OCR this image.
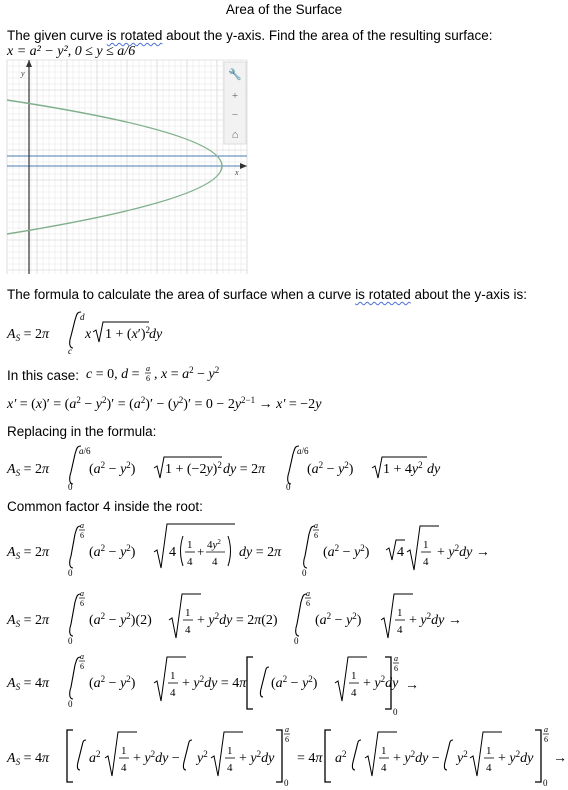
Area of the Surface
The given curve is rotated about the y-axis. Find the area of the resulting surface:
x = a² − y², 0 ≤ y ≤ a/6
y
x
🔧
+
−
⌂
The formula to calculate the area of surface when a curve is rotated about the y-axis is:
$A_S = 2\pi$
d
c
x $1 + (x')^2$
dy
In this case: c = 0, d = a
6 , $x = a^2 - y^2$
$x' = (x)' = (a^2 - y^2)' = (a^2)' - (y^2)' = 0 - 2y^{2-1} \to x' = -2y$
Replacing in the formula:
$A_S = 2\pi$
a/6
0
$(a^2 - y^2) 1 + (-2y)^2$ dy = 2π
a/6
0
$(a^2 - y^2) 1 + 4y^2$ dy
Common factor 4 inside the root:
$A_S = 2\pi$
a
6
0
$(a^2 - y^2)$ 4 1
4
+ $4y^2$
4
dy = 2π
a
6
0
$(a^2 - y^2)$ 4 1
4
+ $y^2dy$ →
$A_S = 2\pi$
a
6
0
$(a^2 - y^2)(2)$	1
4
+ $y^2dy = 2\pi(2)$
a
6
0
$(a^2 - y^2)$	1
4
+ $y^2dy$ →
$A_S = 4\pi$
a
6
0
$(a^2 - y^2)$	1
4
+ $y^2dy = 4\pi$ $(a^2 - y^2)$	1
4
+ $y^2dy$
a
6
0
→
$A_S = 4\pi$	$a^2$ 1
4
+ $y^2dy - y^2$ 1
4
+ $y^2dy$
a
6
0
= 4π $a^2$	1
4
+ $y^2dy - y^2$ 1
4
+ $y^2dy$
a
6
0
→
